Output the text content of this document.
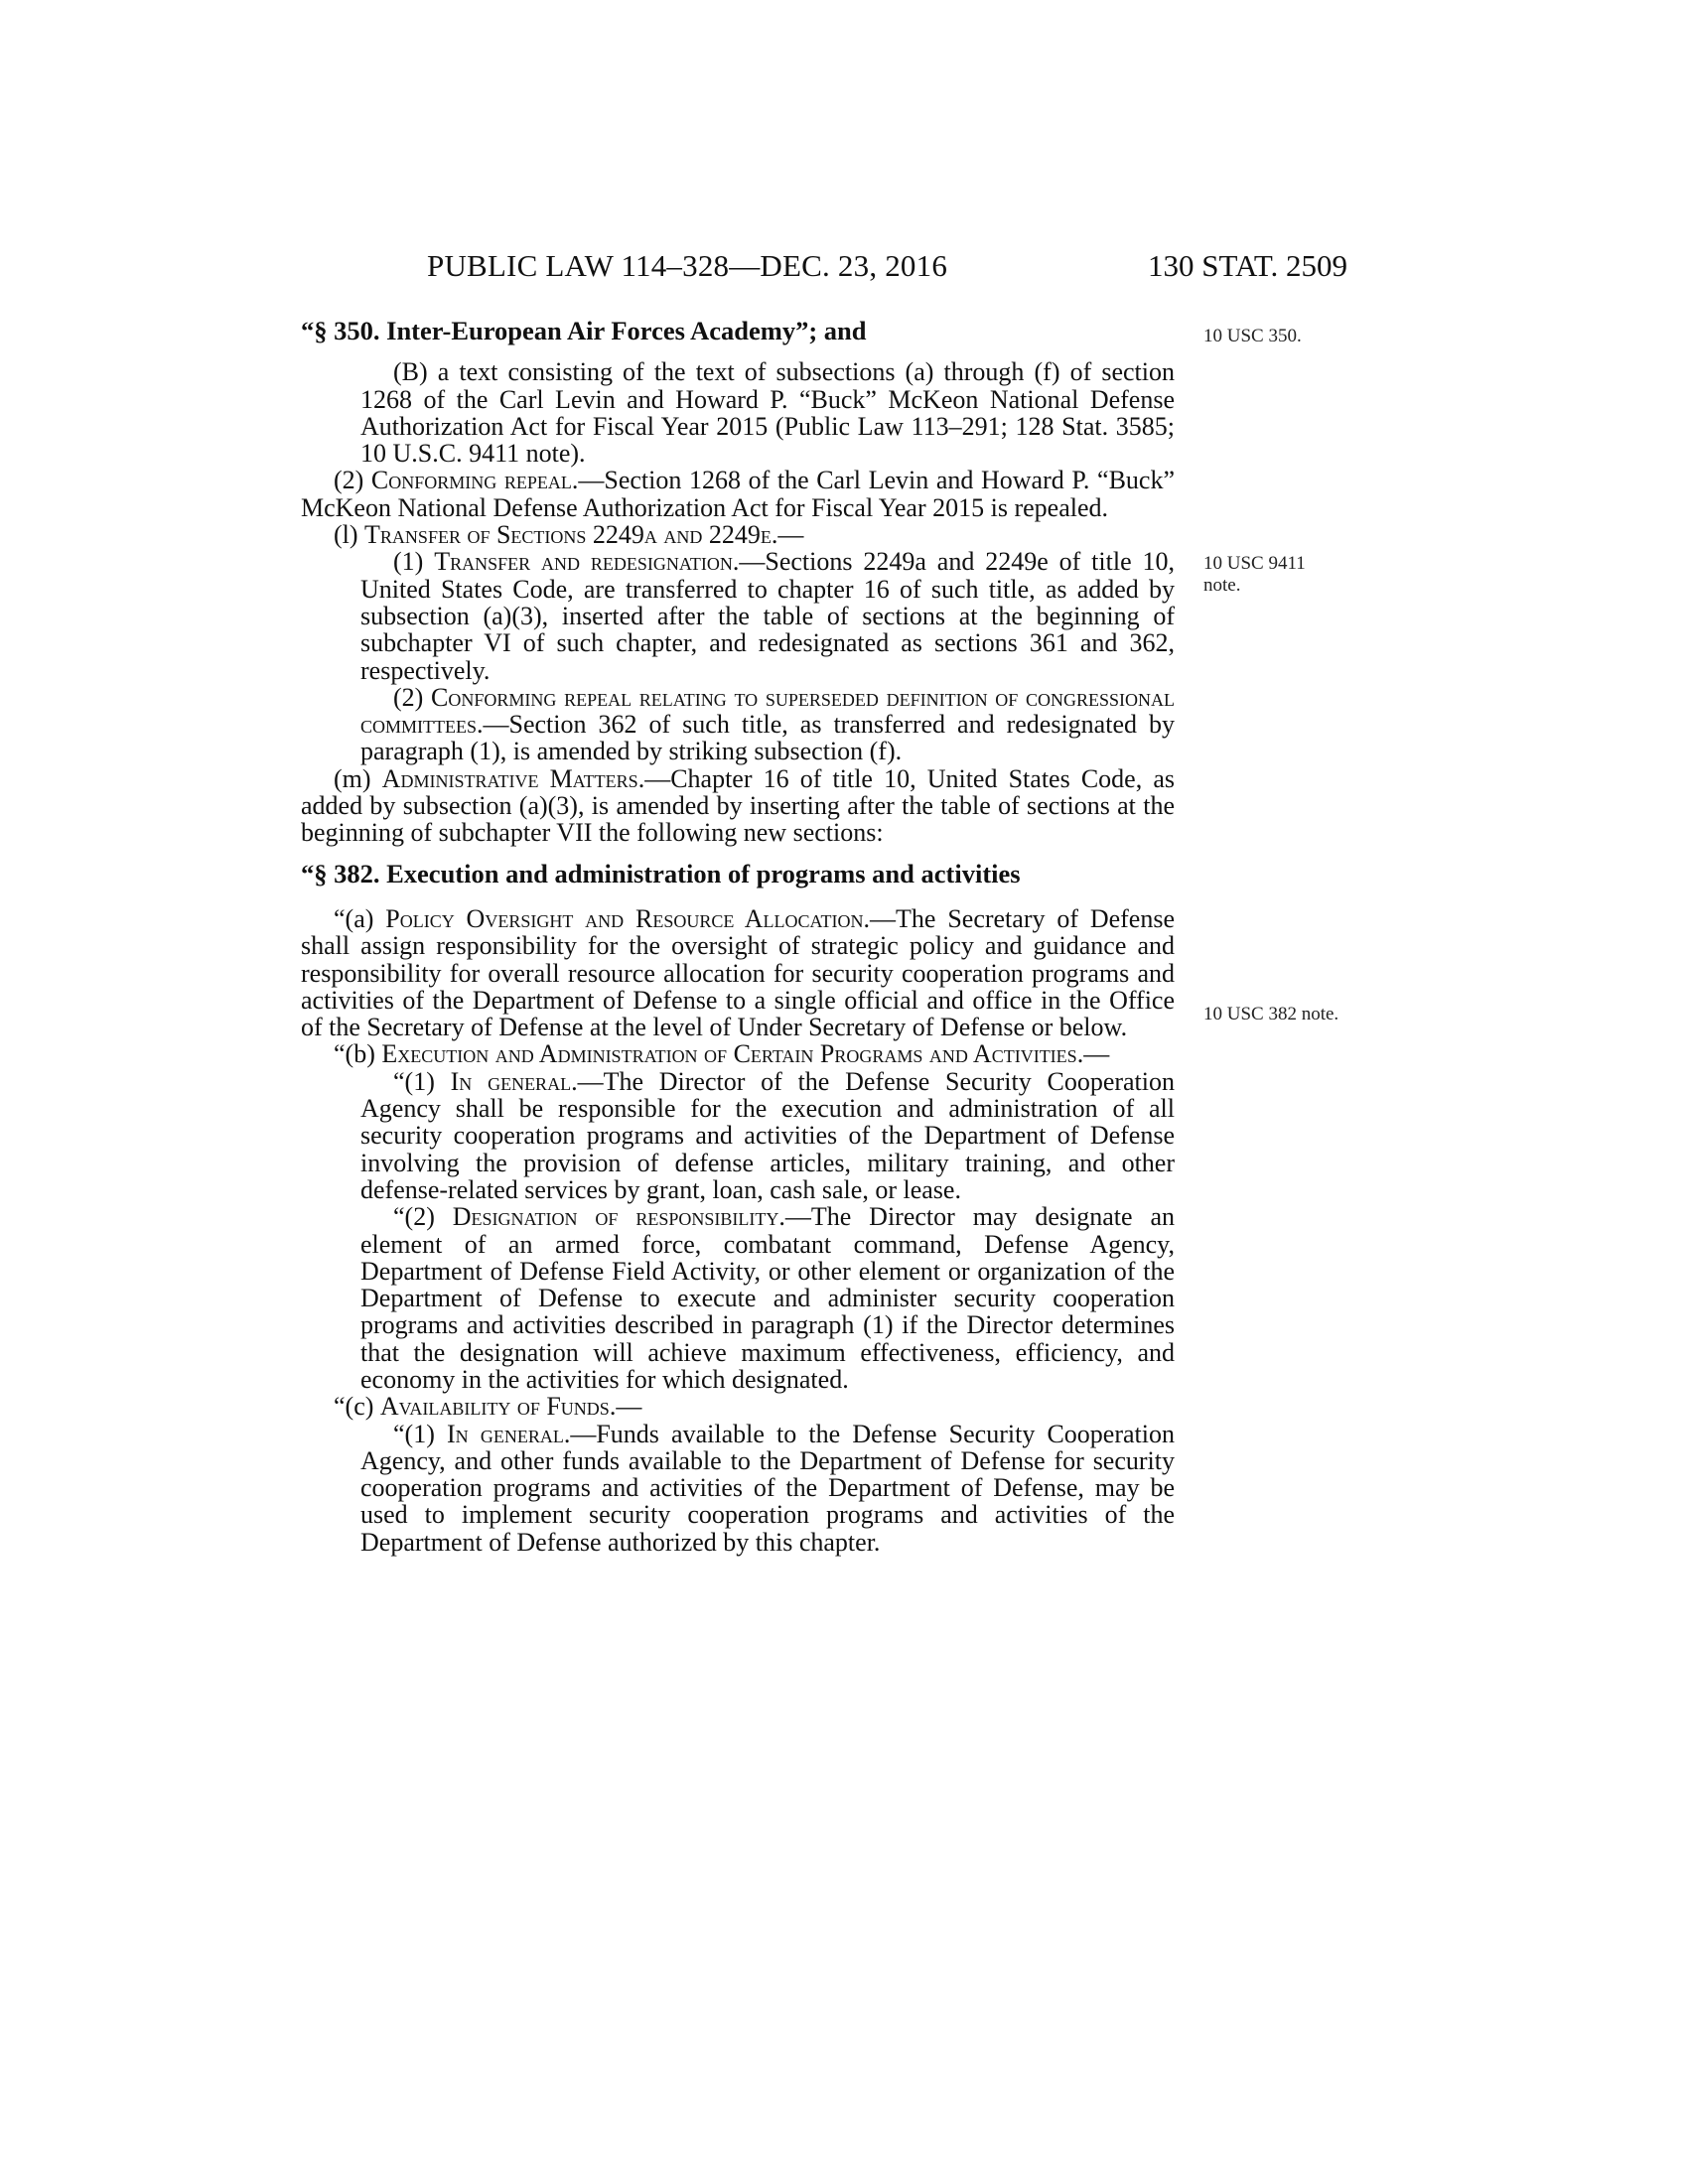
PUBLIC LAW 114–328—DEC. 23, 2016	130 STAT. 2509
10 USC 350.
10 USC 9411
note.
10 USC 382 note.

“§ 350. Inter-European Air Forces Academy”; and

(B) a text consisting of the text of subsections (a) through (f) of section 1268 of the Carl Levin and Howard P. “Buck” McKeon National Defense Authorization Act for Fiscal Year 2015 (Public Law 113–291; 128 Stat. 3585; 10 U.S.C. 9411 note).

(2) Conforming repeal.—Section 1268 of the Carl Levin and Howard P. “Buck” McKeon National Defense Authorization Act for Fiscal Year 2015 is repealed.

(l) Transfer of Sections 2249a and 2249e.—

(1) Transfer and redesignation.—Sections 2249a and 2249e of title 10, United States Code, are transferred to chapter 16 of such title, as added by subsection (a)(3), inserted after the table of sections at the beginning of subchapter VI of such chapter, and redesignated as sections 361 and 362, respectively.

(2) Conforming repeal relating to superseded definition of congressional committees.—Section 362 of such title, as transferred and redesignated by paragraph (1), is amended by striking subsection (f).

(m) Administrative Matters.—Chapter 16 of title 10, United States Code, as added by subsection (a)(3), is amended by inserting after the table of sections at the beginning of subchapter VII the following new sections:

“§ 382. Execution and administration of programs and activities

“(a) Policy Oversight and Resource Allocation.—The Secretary of Defense shall assign responsibility for the oversight of strategic policy and guidance and responsibility for overall resource allocation for security cooperation programs and activities of the Department of Defense to a single official and office in the Office of the Secretary of Defense at the level of Under Secretary of Defense or below.

“(b) Execution and Administration of Certain Programs and Activities.—

“(1) In general.—The Director of the Defense Security Cooperation Agency shall be responsible for the execution and administration of all security cooperation programs and activities of the Department of Defense involving the provision of defense articles, military training, and other defense-related services by grant, loan, cash sale, or lease.

“(2) Designation of responsibility.—The Director may designate an element of an armed force, combatant command, Defense Agency, Department of Defense Field Activity, or other element or organization of the Department of Defense to execute and administer security cooperation programs and activities described in paragraph (1) if the Director determines that the designation will achieve maximum effectiveness, efficiency, and economy in the activities for which designated.

“(c) Availability of Funds.—

“(1) In general.—Funds available to the Defense Security Cooperation Agency, and other funds available to the Department of Defense for security cooperation programs and activities of the Department of Defense, may be used to implement security cooperation programs and activities of the Department of Defense authorized by this chapter.
